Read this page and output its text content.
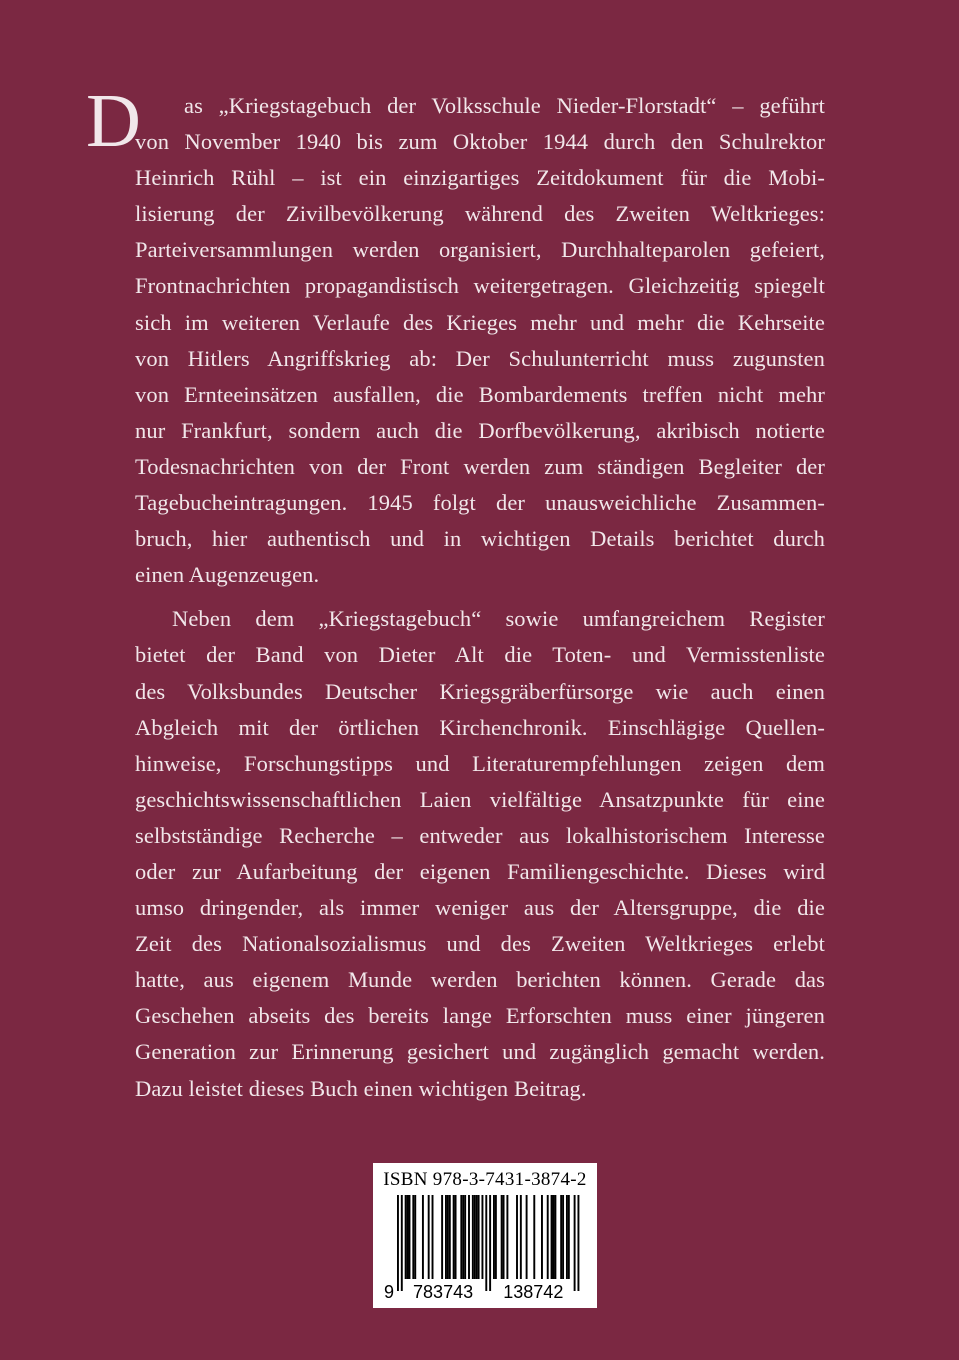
D as „Kriegstagebuch der Volksschule Nieder-Florstadt“ – geführt
von November 1940 bis zum Oktober 1944 durch den Schulrektor
Heinrich Rühl – ist ein einzigartiges Zeitdokument für die Mobi-
lisierung der Zivilbevölkerung während des Zweiten Weltkrieges:
Parteiversammlungen werden organisiert, Durchhalteparolen gefeiert,
Frontnachrichten propagandistisch weitergetragen. Gleichzeitig spiegelt
sich im weiteren Verlaufe des Krieges mehr und mehr die Kehrseite
von Hitlers Angriffskrieg ab: Der Schulunterricht muss zugunsten
von Ernteeinsätzen ausfallen, die Bombardements treffen nicht mehr
nur Frankfurt, sondern auch die Dorfbevölkerung, akribisch notierte
Todesnachrichten von der Front werden zum ständigen Begleiter der
Tagebucheintragungen. 1945 folgt der unausweichliche Zusammen-
bruch, hier authentisch und in wichtigen Details berichtet durch
einen Augenzeugen.
Neben dem „Kriegstagebuch“ sowie umfangreichem Register
bietet der Band von Dieter Alt die Toten- und Vermisstenliste
des Volksbundes Deutscher Kriegsgräberfürsorge wie auch einen
Abgleich mit der örtlichen Kirchenchronik. Einschlägige Quellen-
hinweise, Forschungstipps und Literaturempfehlungen zeigen dem
geschichtswissenschaftlichen Laien vielfältige Ansatzpunkte für eine
selbstständige Recherche – entweder aus lokalhistorischem Interesse
oder zur Aufarbeitung der eigenen Familiengeschichte. Dieses wird
umso dringender, als immer weniger aus der Altersgruppe, die die
Zeit des Nationalsozialismus und des Zweiten Weltkrieges erlebt
hatte, aus eigenem Munde werden berichten können. Gerade das
Geschehen abseits des bereits lange Erforschten muss einer jüngeren
Generation zur Erinnerung gesichert und zugänglich gemacht werden.
Dazu leistet dieses Buch einen wichtigen Beitrag.
ISBN 978-3-7431-3874-2
9 783743 138742
